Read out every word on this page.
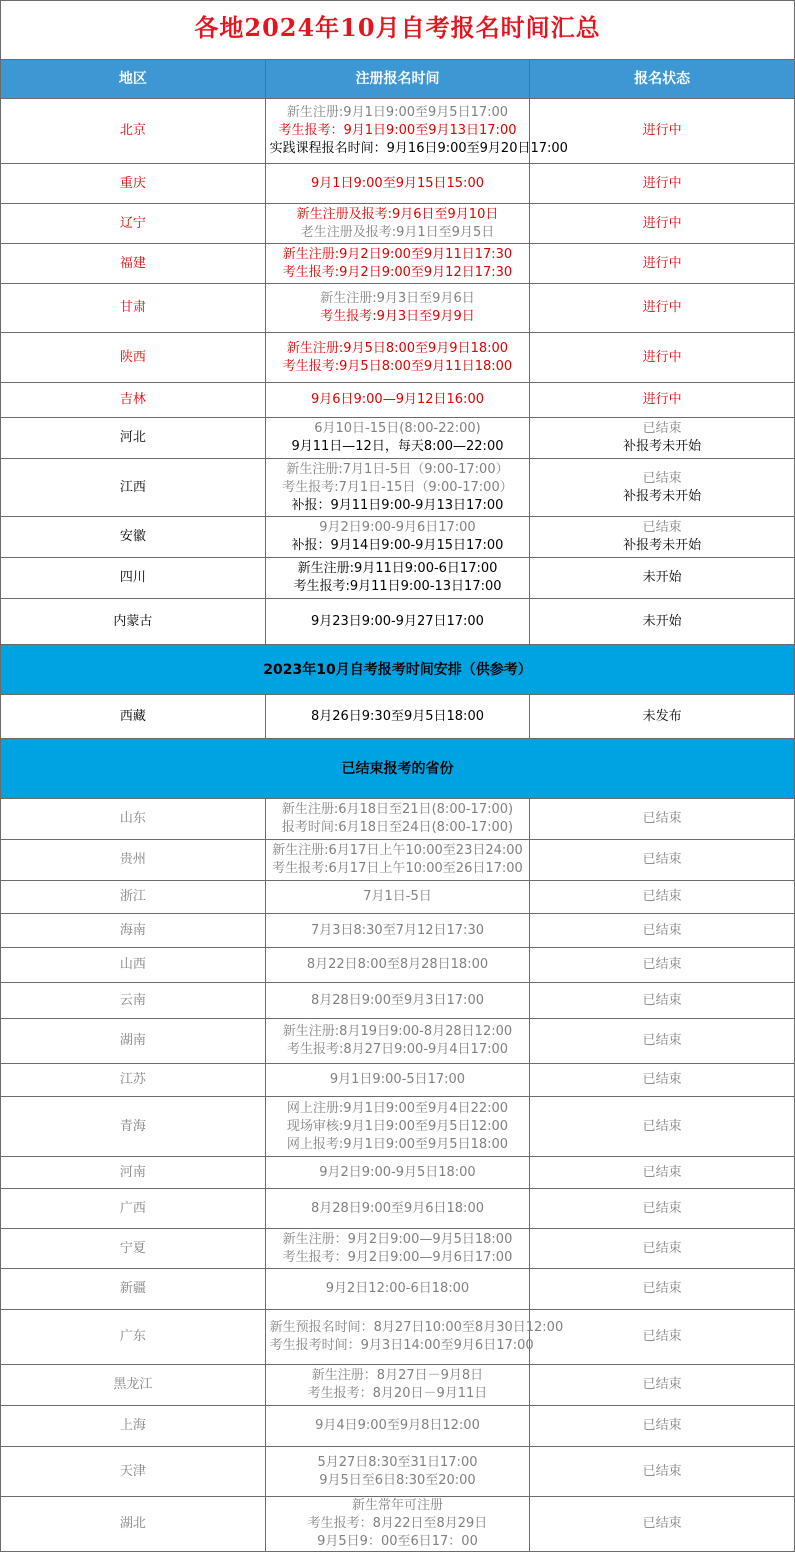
各地2024年10月自考报名时间汇总		
地区	注册报名时间	报名状态
北京	新生注册:9月1日9:00至9月5日17:00
考生报考：9月1日9:00至9月13日17:00
实践课程报名时间：9月16日9:00至9月20日17:00	进行中

重庆	9月1日9:00至9月15日15:00	进行中

辽宁	新生注册及报考:9月6日至9月10日
老生注册及报考:9月1日至9月5日	进行中

福建	新生注册:9月2日9:00至9月11日17:30
考生报考:9月2日9:00至9月12日17:30	进行中

甘肃	新生注册:9月3日至9月6日
考生报考:9月3日至9月9日	进行中

陕西	新生注册:9月5日8:00至9月9日18:00
考生报考:9月5日8:00至9月11日18:00	进行中

吉林	9月6日9:00—9月12日16:00	进行中

河北	6月10日-15日(8:00-22:00)
9月11日—12日，每天8:00—22:00	已结束
补报考未开始

江西	新生注册:7月1日-5日（9:00-17:00）
考生报考:7月1日-15日（9:00-17:00）
补报：9月11日9:00-9月13日17:00	已结束
补报考未开始

安徽	9月2日9:00-9月6日17:00
补报：9月14日9:00-9月15日17:00	已结束
补报考未开始

四川	新生注册:9月11日9:00-6日17:00
考生报考:9月11日9:00-13日17:00	未开始

内蒙古	9月23日9:00-9月27日17:00	未开始

2023年10月自考报考时间安排（供参考）		
西藏	8月26日9:30至9月5日18:00	未发布

已结束报考的省份		
山东	新生注册:6月18日至21日(8:00-17:00)
报考时间:6月18日至24日(8:00-17:00)	已结束

贵州	新生注册:6月17日上午10:00至23日24:00
考生报考:6月17日上午10:00至26日17:00	已结束

浙江	7月1日-5日	已结束

海南	7月3日8:30至7月12日17:30	已结束

山西	8月22日8:00至8月28日18:00	已结束

云南	8月28日9:00至9月3日17:00	已结束

湖南	新生注册:8月19日9:00-8月28日12:00
考生报考:8月27日9:00-9月4日17:00	已结束

江苏	9月1日9:00-5日17:00	已结束

青海	网上注册:9月1日9:00至9月4日22:00
现场审核:9月1日9:00至9月5日12:00
网上报考:9月1日9:00至9月5日18:00	已结束

河南	9月2日9:00-9月5日18:00	已结束

广西	8月28日9:00至9月6日18:00	已结束

宁夏	新生注册：9月2日9:00—9月5日18:00
考生报考：9月2日9:00—9月6日17:00	已结束

新疆	9月2日12:00-6日18:00	已结束

广东	新生预报名时间：8月27日10:00至8月30日12:00
考生报考时间：9月3日14:00至9月6日17:00	已结束

黑龙江	新生注册：8月27日－9月8日
考生报考：8月20日－9月11日	已结束

上海	9月4日9:00至9月8日12:00	已结束

天津	5月27日8:30至31日17:00
9月5日至6日8:30至20:00	已结束

湖北	新生常年可注册
考生报考：8月22日至8月29日
9月5日9：00至6日17：00	已结束
